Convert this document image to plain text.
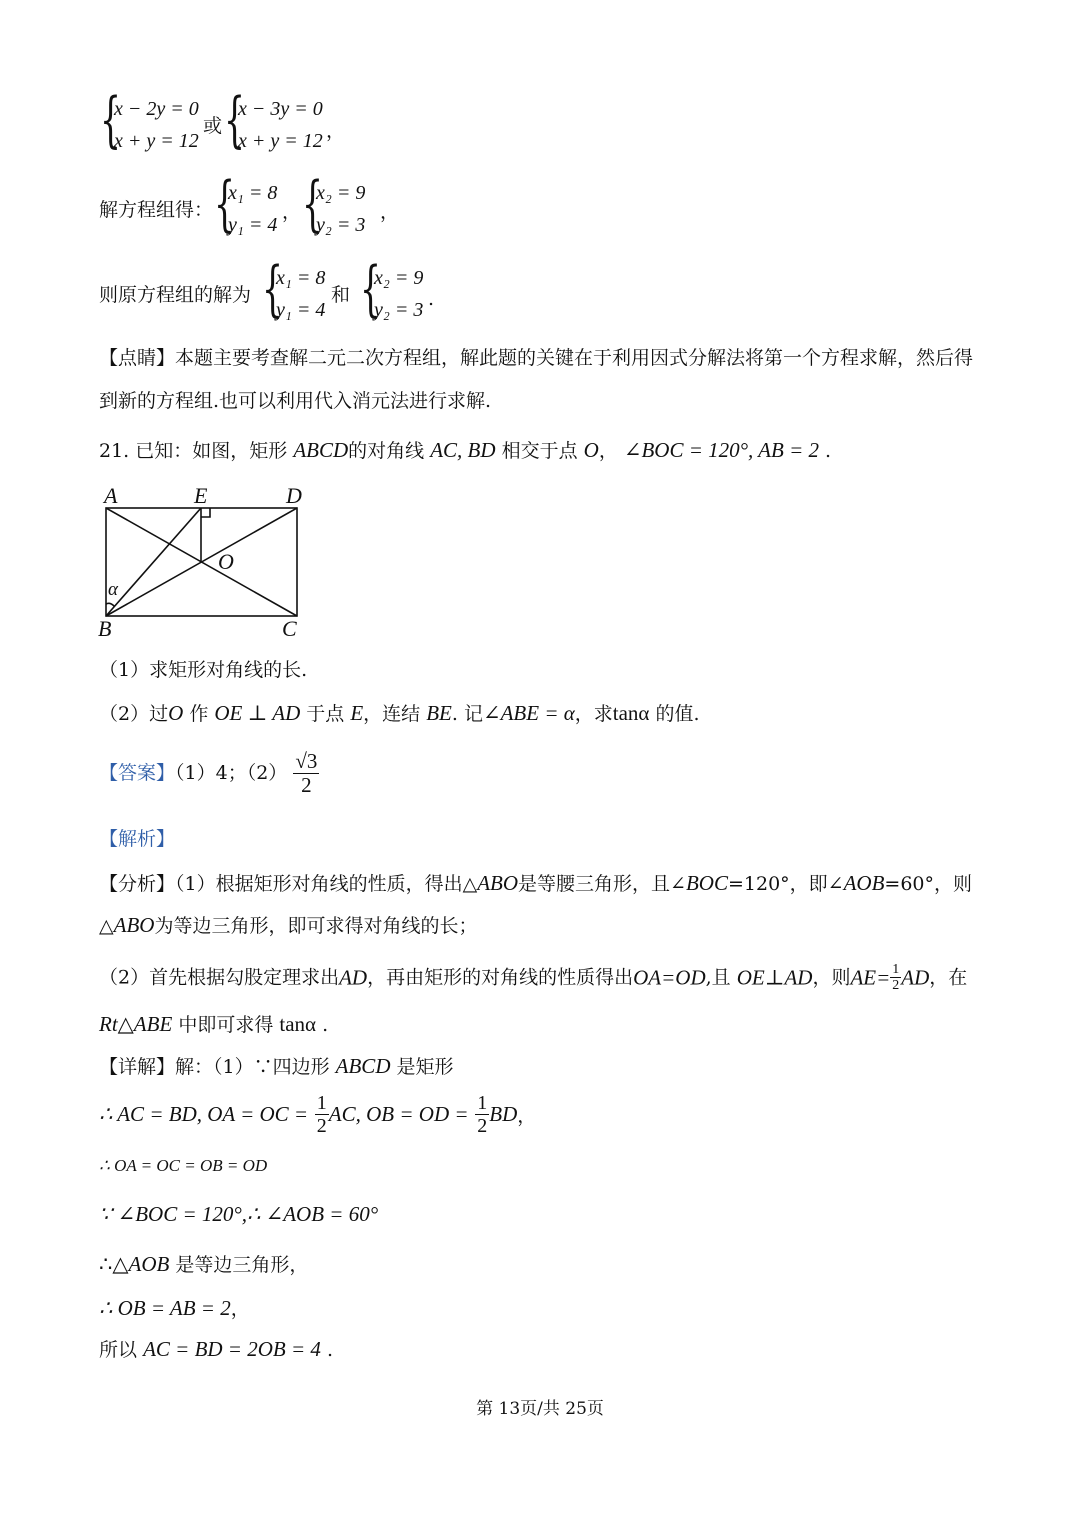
{
x − 2y = 0
x + y = 12
或 {
x − 3y = 0
x + y = 12 ，
解方程组得： {
x₁ = 8
y₁ = 4
， {
x₂ = 9
y₂ = 3
，
则原方程组的解为 {
x₁ = 8
y₁ = 4
和 {
x₂ = 9
y₂ = 3 .
【点睛】本题主要考查解二元二次方程组，解此题的关键在于利用因式分解法将第一个方程求解，然后得
到新的方程组.也可以利用代入消元法进行求解.
21. 已知：如图，矩形 ABCD的对角线 AC, BD 相交于点 O， ∠BOC = 120°, AB = 2 .
A	E	D
O
α
B	C
（1）求矩形对角线的长.
（2）过O 作 OE ⊥ AD 于点 E，连结 BE. 记∠ABE = α，求tanα 的值.
【答案】（1）4；$(2) \frac{√3}{2}$
【解析】
【分析】（1）根据矩形对角线的性质，得出△ABO是等腰三角形，且∠BOC=120°，即∠AOB=60°，则
△ABO为等边三角形，即可求得对角线的长；
（2）首先根据勾股定理求出AD，再由矩形的对角线的性质得出OA=OD,且 OE⊥AD，则$AE= \frac{1}{2}$ AD，在
Rt△ABE 中即可求得 tanα .
【详解】解：（1）∵四边形 ABCD 是矩形
∴ AC = BD, OA = OC = $\frac{1}{2}$ AC, OB = OD = $\frac{1}{2}$ BD，
∴ OA = OC = OB = OD
∵ ∠BOC = 120°,∴ ∠AOB = 60°
∴△AOB 是等边三角形，
∴ OB = AB = 2，
所以 AC = BD = 2OB = 4 .
第 13页/共 25页
